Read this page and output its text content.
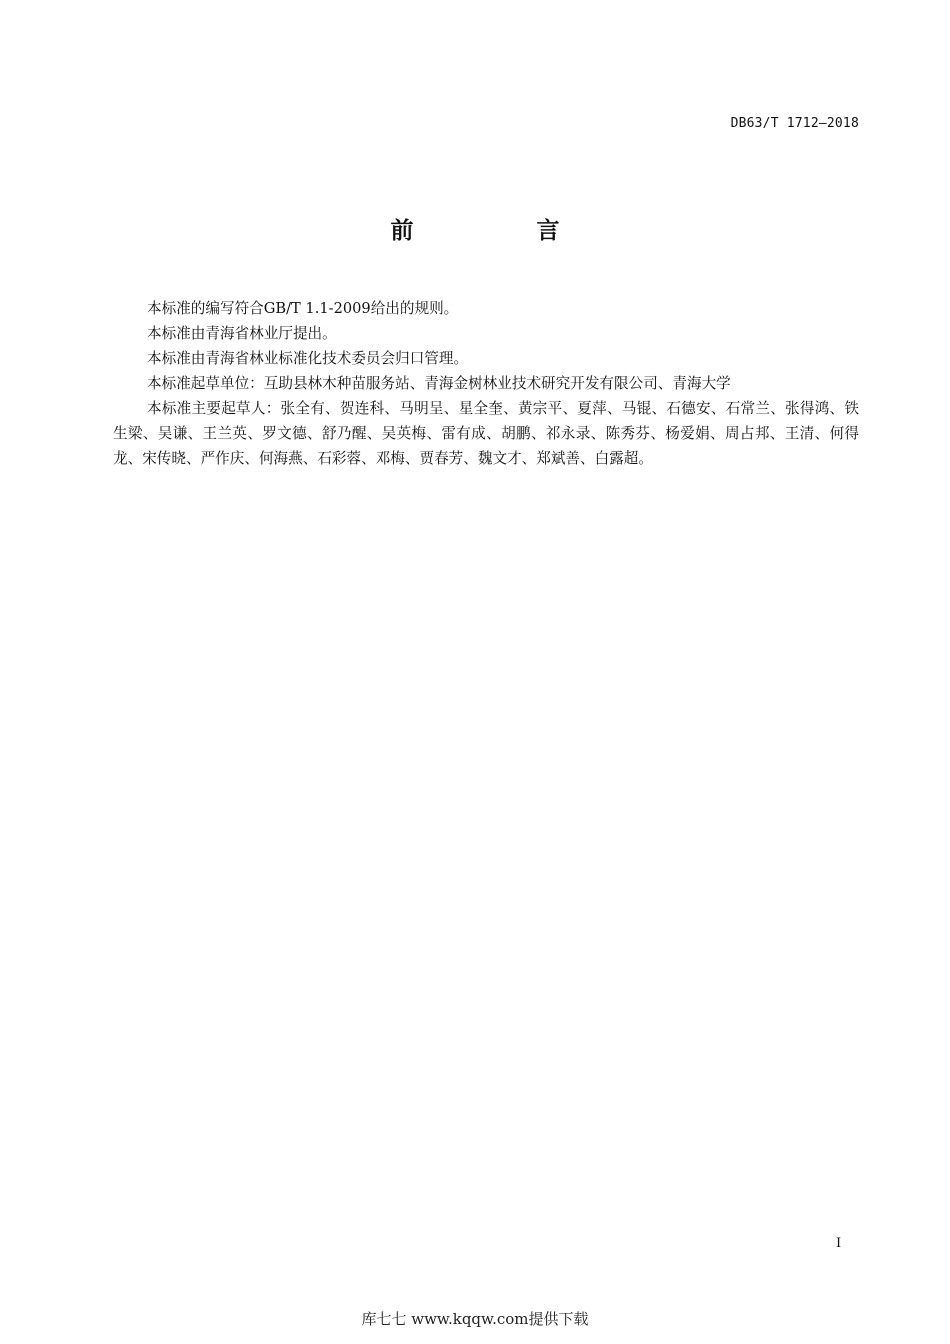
DB63/T 1712—2018
前　言

本标准的编写符合GB/T 1.1-2009给出的规则。

本标准由青海省林业厅提出。

本标准由青海省林业标准化技术委员会归口管理。

本标准起草单位：互助县林木种苗服务站、青海金树林业技术研究开发有限公司、青海大学

本标准主要起草人：张全有、贺连科、马明呈、星全奎、黄宗平、夏萍、马锟、石德安、石常兰、张得鸿、铁生梁、吴谦、王兰英、罗文德、舒乃醒、吴英梅、雷有成、胡鹏、祁永录、陈秀芬、杨爱娟、周占邦、王清、何得龙、宋传晓、严作庆、何海燕、石彩蓉、邓梅、贾春芳、魏文才、郑斌善、白露超。

I
库七七 www.kqqw.com提供下载
